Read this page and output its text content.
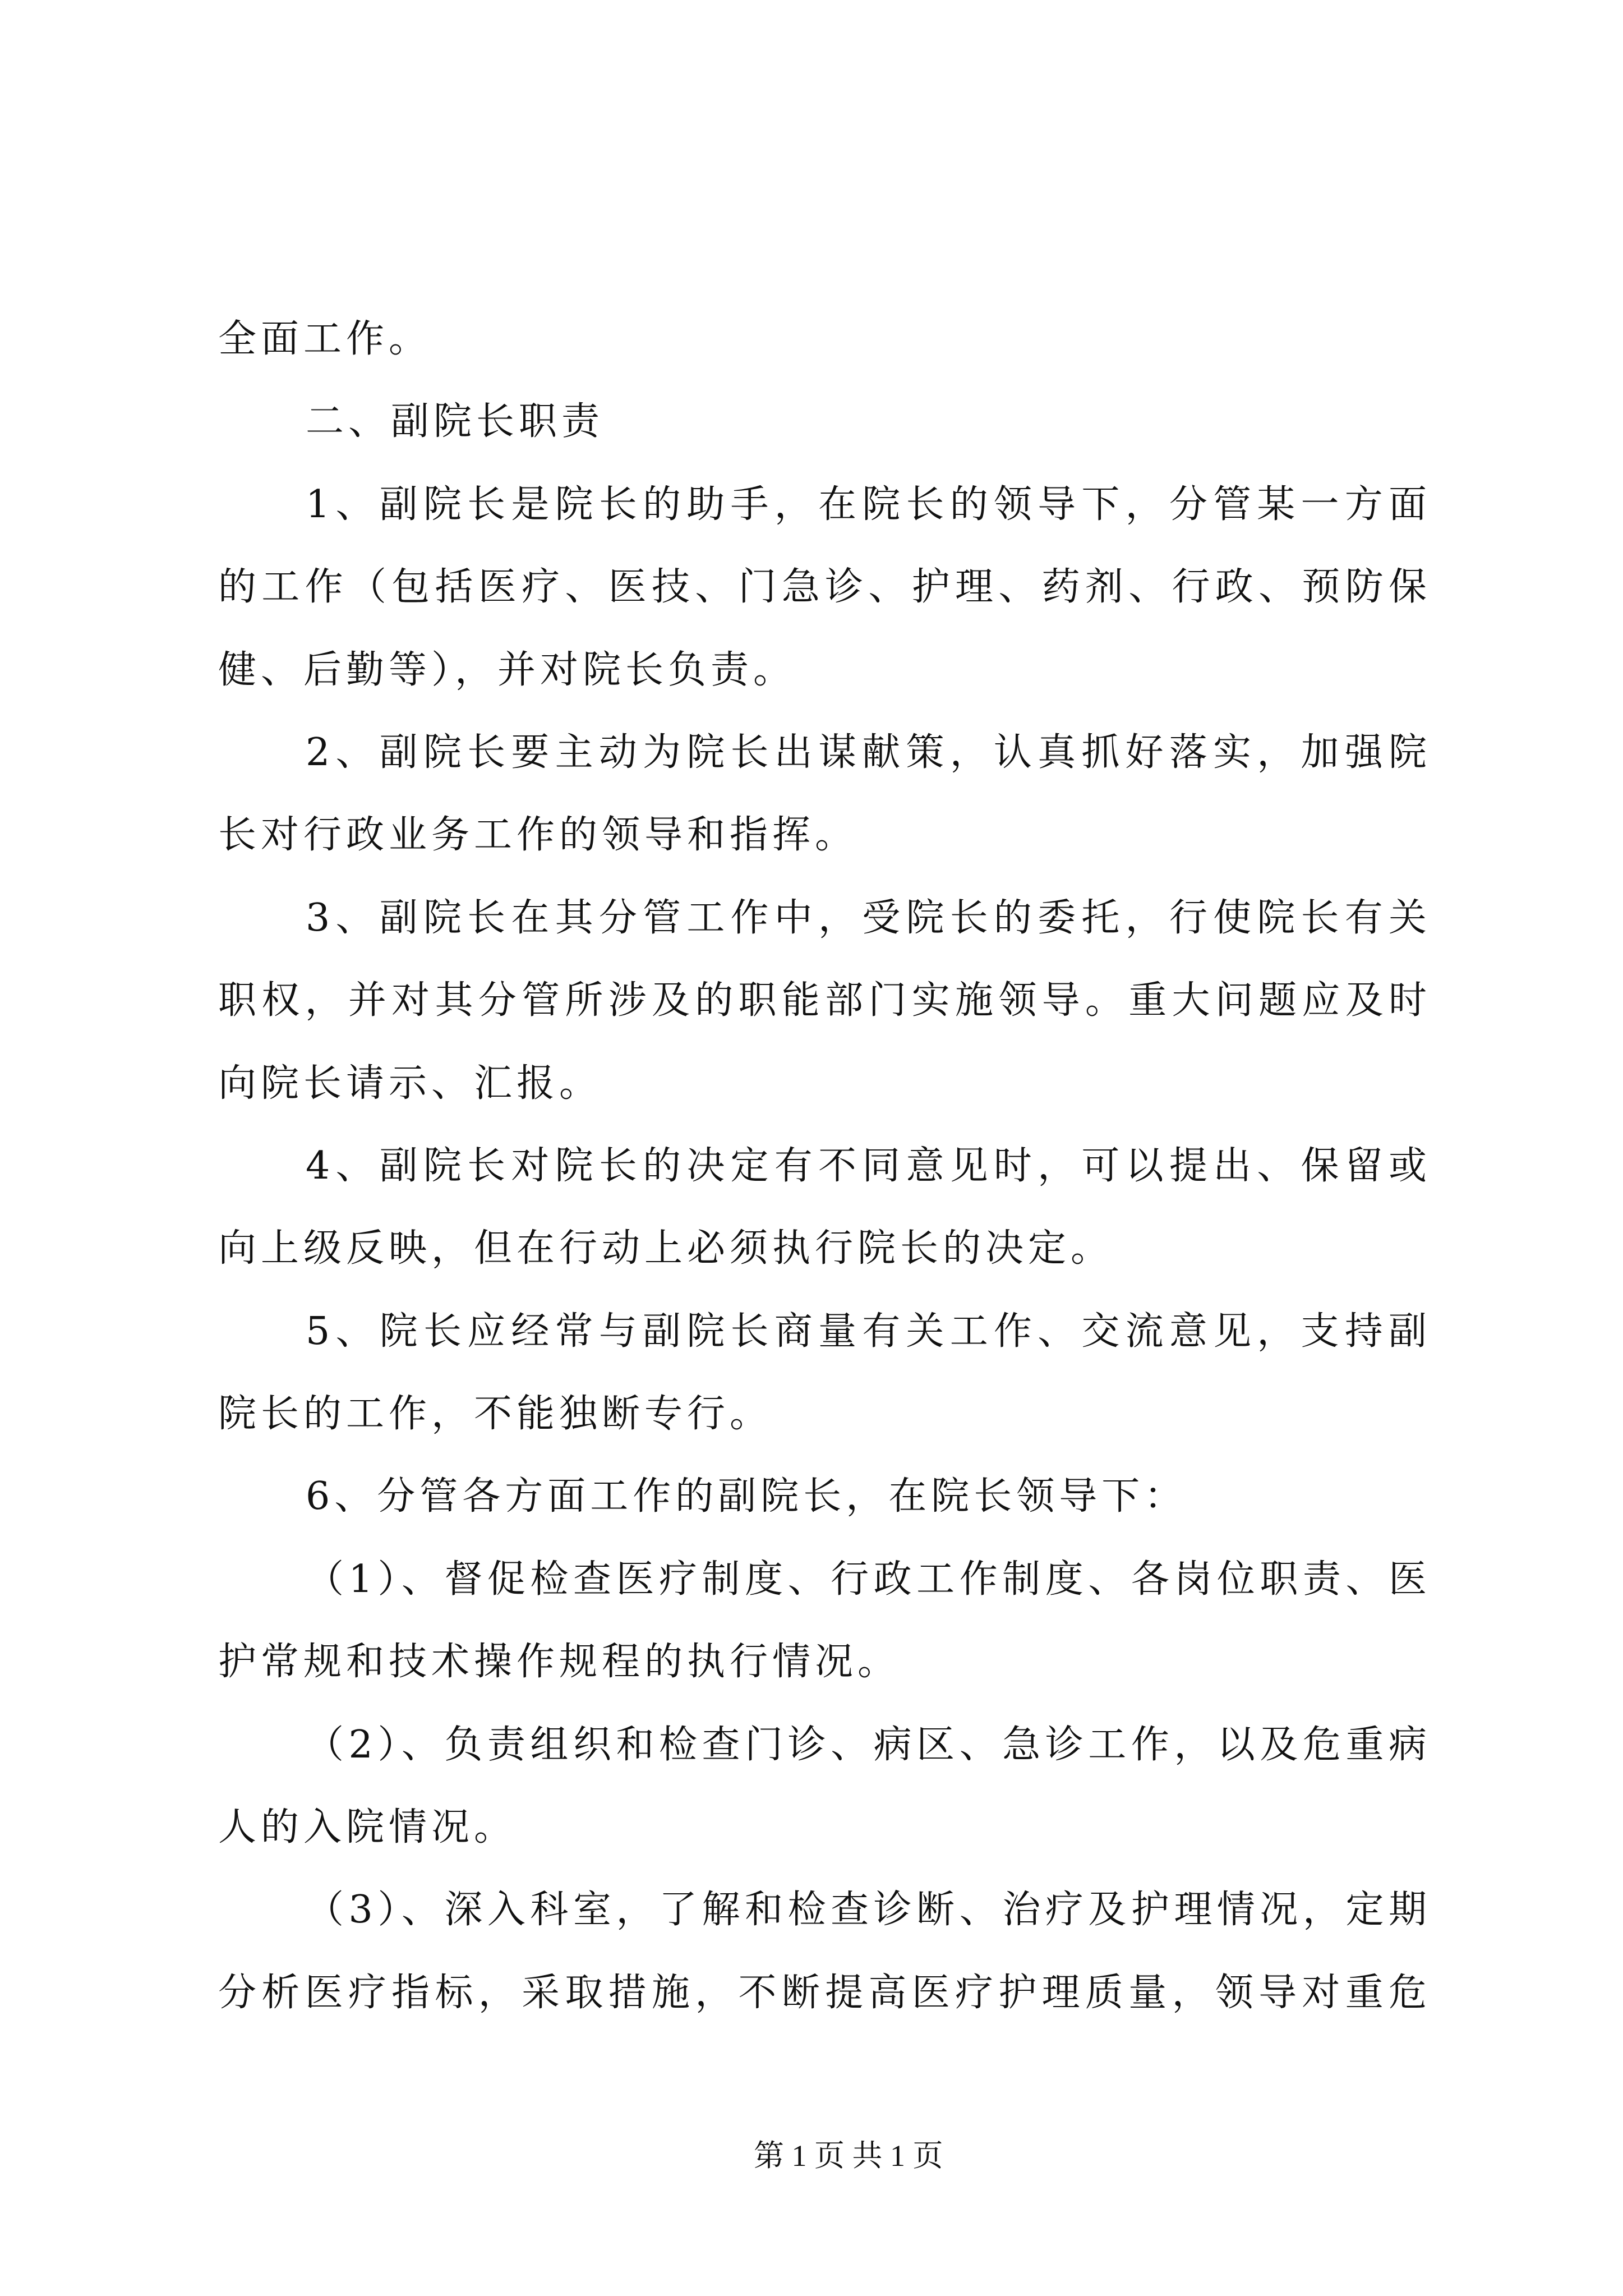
全面工作。
二、副院长职责
1、副院长是院长的助手，在院长的领导下，分管某一方面
的工作（包括医疗、医技、门急诊、护理、药剂、行政、预防保
健、后勤等），并对院长负责。
2、副院长要主动为院长出谋献策，认真抓好落实，加强院
长对行政业务工作的领导和指挥。
3、副院长在其分管工作中，受院长的委托，行使院长有关
职权，并对其分管所涉及的职能部门实施领导。重大问题应及时
向院长请示、汇报。
4、副院长对院长的决定有不同意见时，可以提出、保留或
向上级反映，但在行动上必须执行院长的决定。
5、院长应经常与副院长商量有关工作、交流意见，支持副
院长的工作，不能独断专行。
6、分管各方面工作的副院长，在院长领导下：
（1）、督促检查医疗制度、行政工作制度、各岗位职责、医
护常规和技术操作规程的执行情况。
（2）、负责组织和检查门诊、病区、急诊工作，以及危重病
人的入院情况。
（3）、深入科室，了解和检查诊断、治疗及护理情况，定期
分析医疗指标，采取措施，不断提高医疗护理质量，领导对重危
第 1 页 共 1 页
